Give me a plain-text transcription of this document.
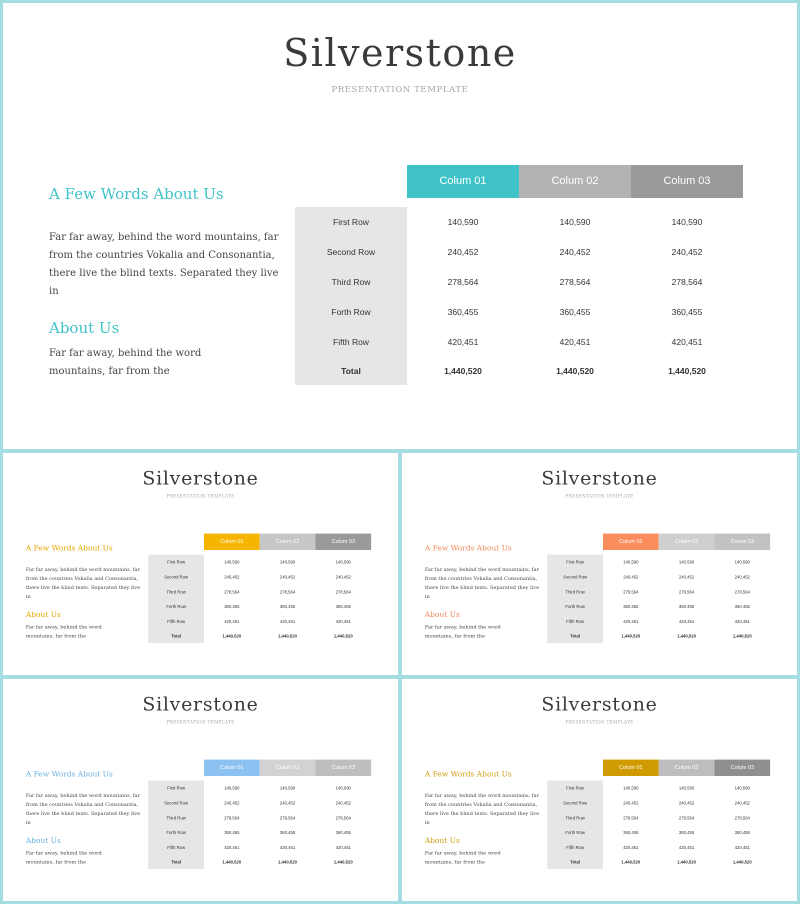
Silverstone
PRESENTATION TEMPLATE
A Few Words About Us
Far far away, behind the word mountains, far from the countries Vokalia and Consonantia, there live the blind texts. Separated they live in
About Us
Far far away, behind the word mountains, far from the
Colum 01	Colum 02	Colum 03
First Row	140,590	140,590	140,590
Second Row	240,452	240,452	240,452
Third Row	278,564	278,564	278,564
Forth Row	360,455	360,455	360,455
Fifth Row	420,451	420,451	420,451
Total	1,440,520	1,440,520	1,440,520
Silverstone
PRESENTATION TEMPLATE
A Few Words About Us
Far far away, behind the word mountains, far from the countries Vokalia and Consonantia, there live the blind texts. Separated they live in
About Us
Far far away, behind the word mountains, far from the
Colum 01	Colum 02	Colum 03
First Row	140,590	140,590	140,590
Second Row	240,452	240,452	240,452
Third Row	278,564	278,564	278,564
Forth Row	360,455	360,455	360,455
Fifth Row	420,451	420,451	420,451
Total	1,440,520	1,440,520	1,440,520
Silverstone
PRESENTATION TEMPLATE
A Few Words About Us
Far far away, behind the word mountains, far from the countries Vokalia and Consonantia, there live the blind texts. Separated they live in
About Us
Far far away, behind the word mountains, far from the
Colum 01	Colum 02	Colum 03
First Row	140,590	140,590	140,590
Second Row	240,452	240,452	240,452
Third Row	278,564	278,564	278,564
Forth Row	360,455	360,455	360,455
Fifth Row	420,451	420,451	420,451
Total	1,440,520	1,440,520	1,440,520
Silverstone
PRESENTATION TEMPLATE
A Few Words About Us
Far far away, behind the word mountains, far from the countries Vokalia and Consonantia, there live the blind texts. Separated they live in
About Us
Far far away, behind the word mountains, far from the
Colum 01	Colum 02	Colum 03
First Row	140,590	140,590	140,590
Second Row	240,452	240,452	240,452
Third Row	278,564	278,564	278,564
Forth Row	360,455	360,455	360,455
Fifth Row	420,451	420,451	420,451
Total	1,440,520	1,440,520	1,440,520
Silverstone
PRESENTATION TEMPLATE
A Few Words About Us
Far far away, behind the word mountains, far from the countries Vokalia and Consonantia, there live the blind texts. Separated they live in
About Us
Far far away, behind the word mountains, far from the
Colum 01	Colum 02	Colum 03
First Row	140,590	140,590	140,590
Second Row	240,452	240,452	240,452
Third Row	278,564	278,564	278,564
Forth Row	360,455	360,455	360,455
Fifth Row	420,451	420,451	420,451
Total	1,440,520	1,440,520	1,440,520
